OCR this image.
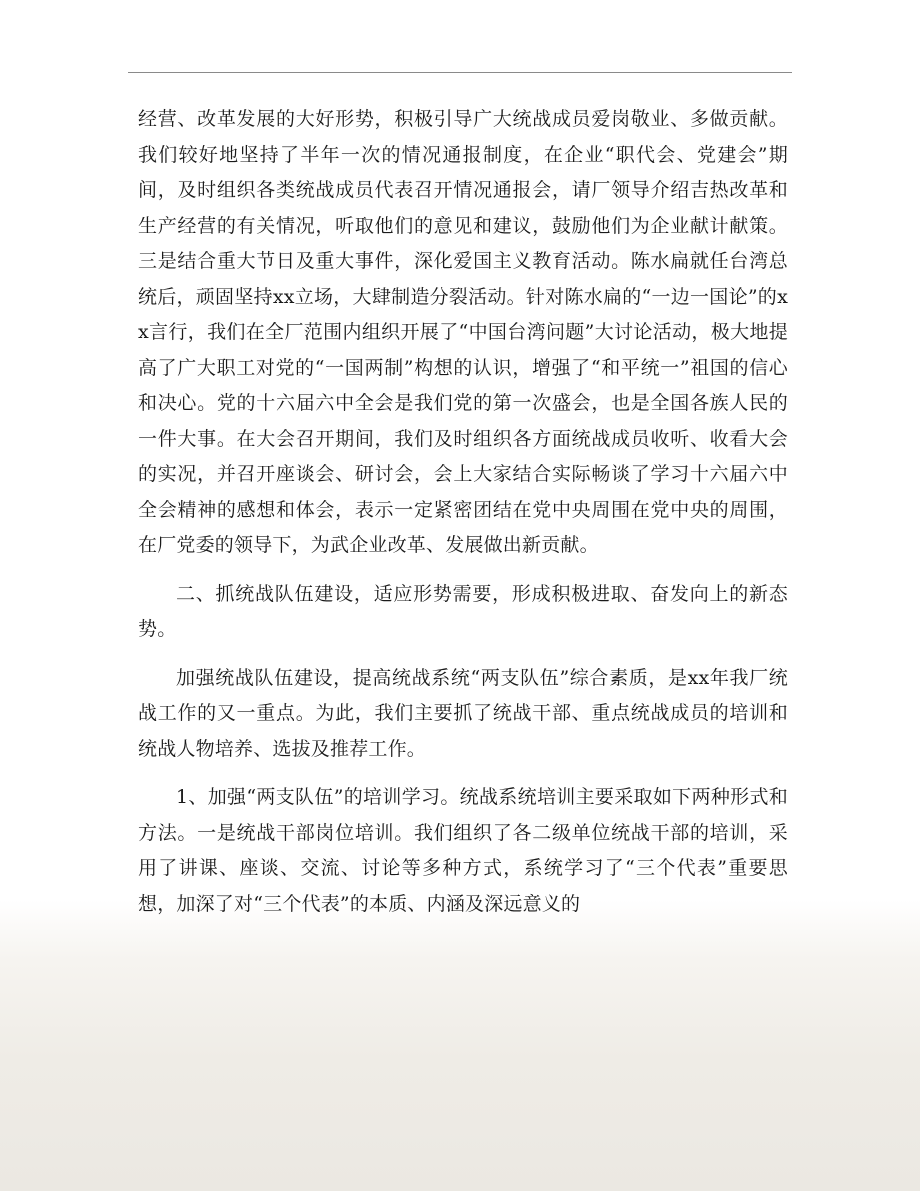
经营、改革发展的大好形势，积极引导广大统战成员爱岗敬业、多做贡献。我们较好地坚持了半年一次的情况通报制度，在企业“职代会、党建会”期间，及时组织各类统战成员代表召开情况通报会，请厂领导介绍吉热改革和生产经营的有关情况，听取他们的意见和建议，鼓励他们为企业献计献策。三是结合重大节日及重大事件，深化爱国主义教育活动。陈水扁就任台湾总统后，顽固坚持xx立场，大肆制造分裂活动。针对陈水扁的“一边一国论”的xx言行，我们在全厂范围内组织开展了“中国台湾问题”大讨论活动，极大地提高了广大职工对党的“一国两制”构想的认识，增强了“和平统一”祖国的信心和决心。党的十六届六中全会是我们党的第一次盛会，也是全国各族人民的一件大事。在大会召开期间，我们及时组织各方面统战成员收听、收看大会的实况，并召开座谈会、研讨会，会上大家结合实际畅谈了学习十六届六中全会精神的感想和体会，表示一定紧密团结在党中央周围在党中央的周围，在厂党委的领导下，为武企业改革、发展做出新贡献。

二、抓统战队伍建设，适应形势需要，形成积极进取、奋发向上的新态势。

加强统战队伍建设，提高统战系统“两支队伍”综合素质，是xx年我厂统战工作的又一重点。为此，我们主要抓了统战干部、重点统战成员的培训和统战人物培养、选拔及推荐工作。

1、加强“两支队伍”的培训学习。统战系统培训主要采取如下两种形式和方法。一是统战干部岗位培训。我们组织了各二级单位统战干部的培训，采用了讲课、座谈、交流、讨论等多种方式，系统学习了“三个代表”重要思想，加深了对“三个代表”的本质、内涵及深远意义的
